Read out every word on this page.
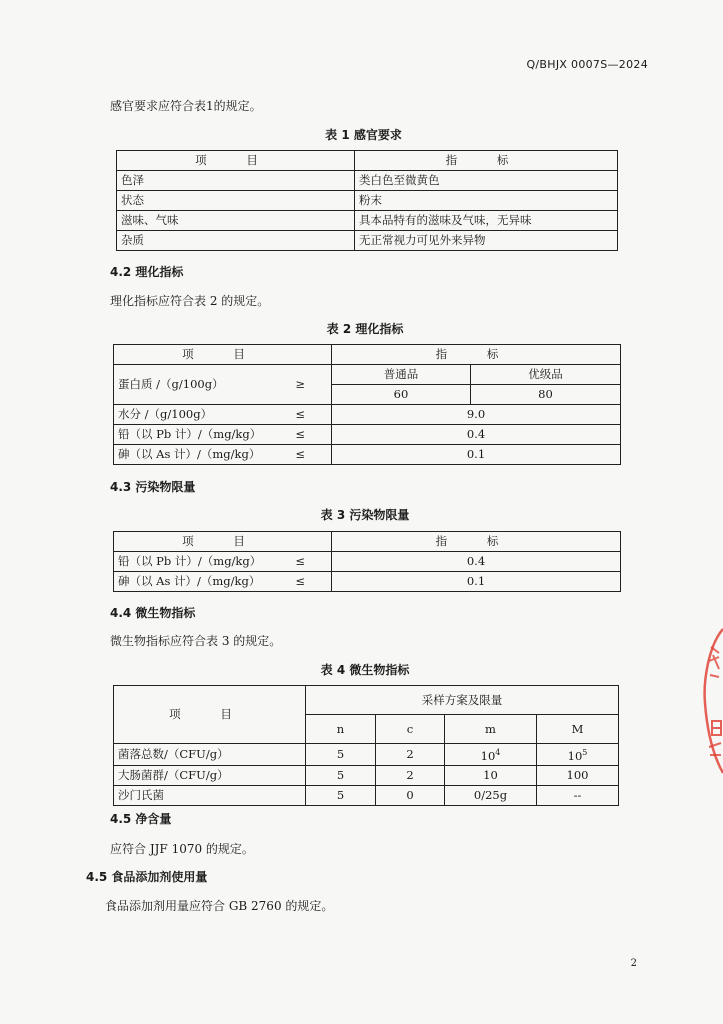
Q/BHJX 0007S—2024
感官要求应符合表1的规定。
表 1 感官要求
项 目	指 标
色泽	类白色至微黄色
状态	粉末
滋味、气味	具本品特有的滋味及气味，无异味
杂质	无正常视力可见外来异物
4.2 理化指标
理化指标应符合表 2 的规定。
表 2 理化指标
项 目	指 标	
蛋白质 /（g/100g） ≥	普通品	优级品
	60	80
水分 /（g/100g） ≤	9.0	
铅（以 Pb 计）/（mg/kg） ≤	0.4	
砷（以 As 计）/（mg/kg） ≤	0.1	
4.3 污染物限量
表 3 污染物限量
项 目	指 标
铅（以 Pb 计）/（mg/kg） ≤	0.4
砷（以 As 计）/（mg/kg） ≤	0.1
4.4 微生物指标
微生物指标应符合表 3 的规定。
表 4 微生物指标
项 目	采样方案及限量			
	n	c	m	M
菌落总数/（CFU/g）	5	2	$10^4$	$10^5$
大肠菌群/（CFU/g）	5	2	10	100
沙门氏菌	5	0	0/25g	--
4.5 净含量
应符合 JJF 1070 的规定。
4.5 食品添加剂使用量
食品添加剂用量应符合 GB 2760 的规定。
2
